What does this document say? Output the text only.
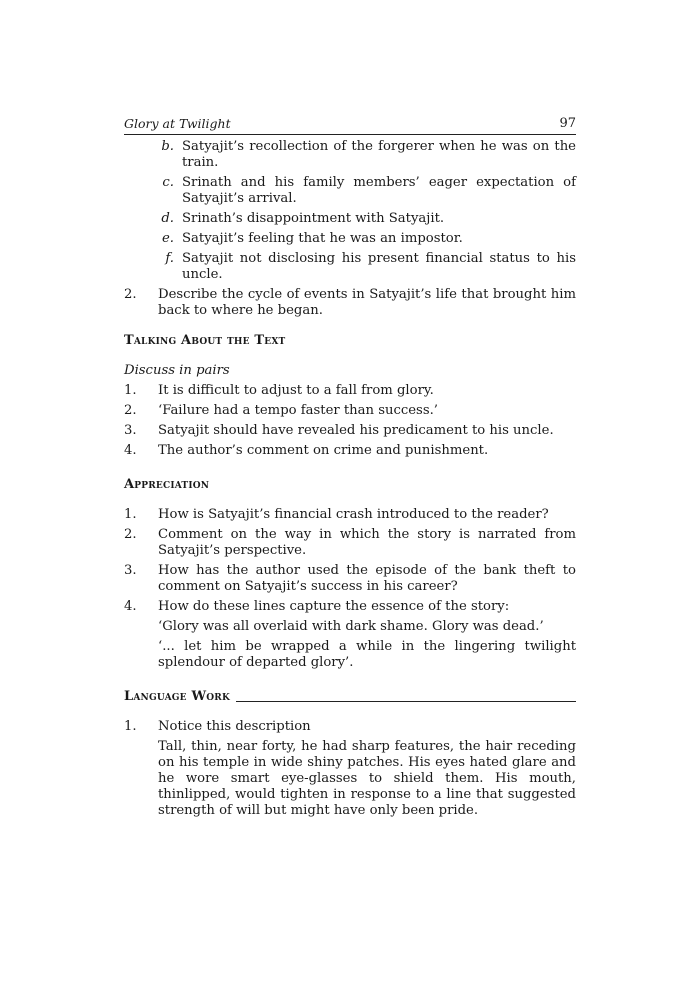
Glory at Twilight	97
b. Satyajit’s recollection of the forgerer when he was on the train.
c. Srinath and his family members’ eager expectation of Satyajit’s arrival.
d. Srinath’s disappointment with Satyajit.
e. Satyajit’s feeling that he was an impostor.
f. Satyajit not disclosing his present financial status to his uncle.
2.	Describe the cycle of events in Satyajit’s life that brought him back to where he began.
Talking About the Text
Discuss in pairs
1.	It is difficult to adjust to a fall from glory.
2.	‘Failure had a tempo faster than success.’
3.	Satyajit should have revealed his predicament to his uncle.
4.	The author’s comment on crime and punishment.
Appreciation
1.	How is Satyajit’s financial crash introduced to the reader?
2.	Comment on the way in which the story is narrated from Satyajit’s perspective.
3.	How has the author used the episode of the bank theft to comment on Satyajit’s success in his career?
4.	How do these lines capture the essence of the story:
‘Glory was all overlaid with dark shame. Glory was dead.’
‘... let him be wrapped a while in the lingering twilight splendour of departed glory’.
Language Work
1.	Notice this description
Tall, thin, near forty, he had sharp features, the hair receding on his temple in wide shiny patches. His eyes hated glare and he wore smart eye-glasses to shield them. His mouth, thinlipped, would tighten in response to a line that suggested strength of will but might have only been pride.
